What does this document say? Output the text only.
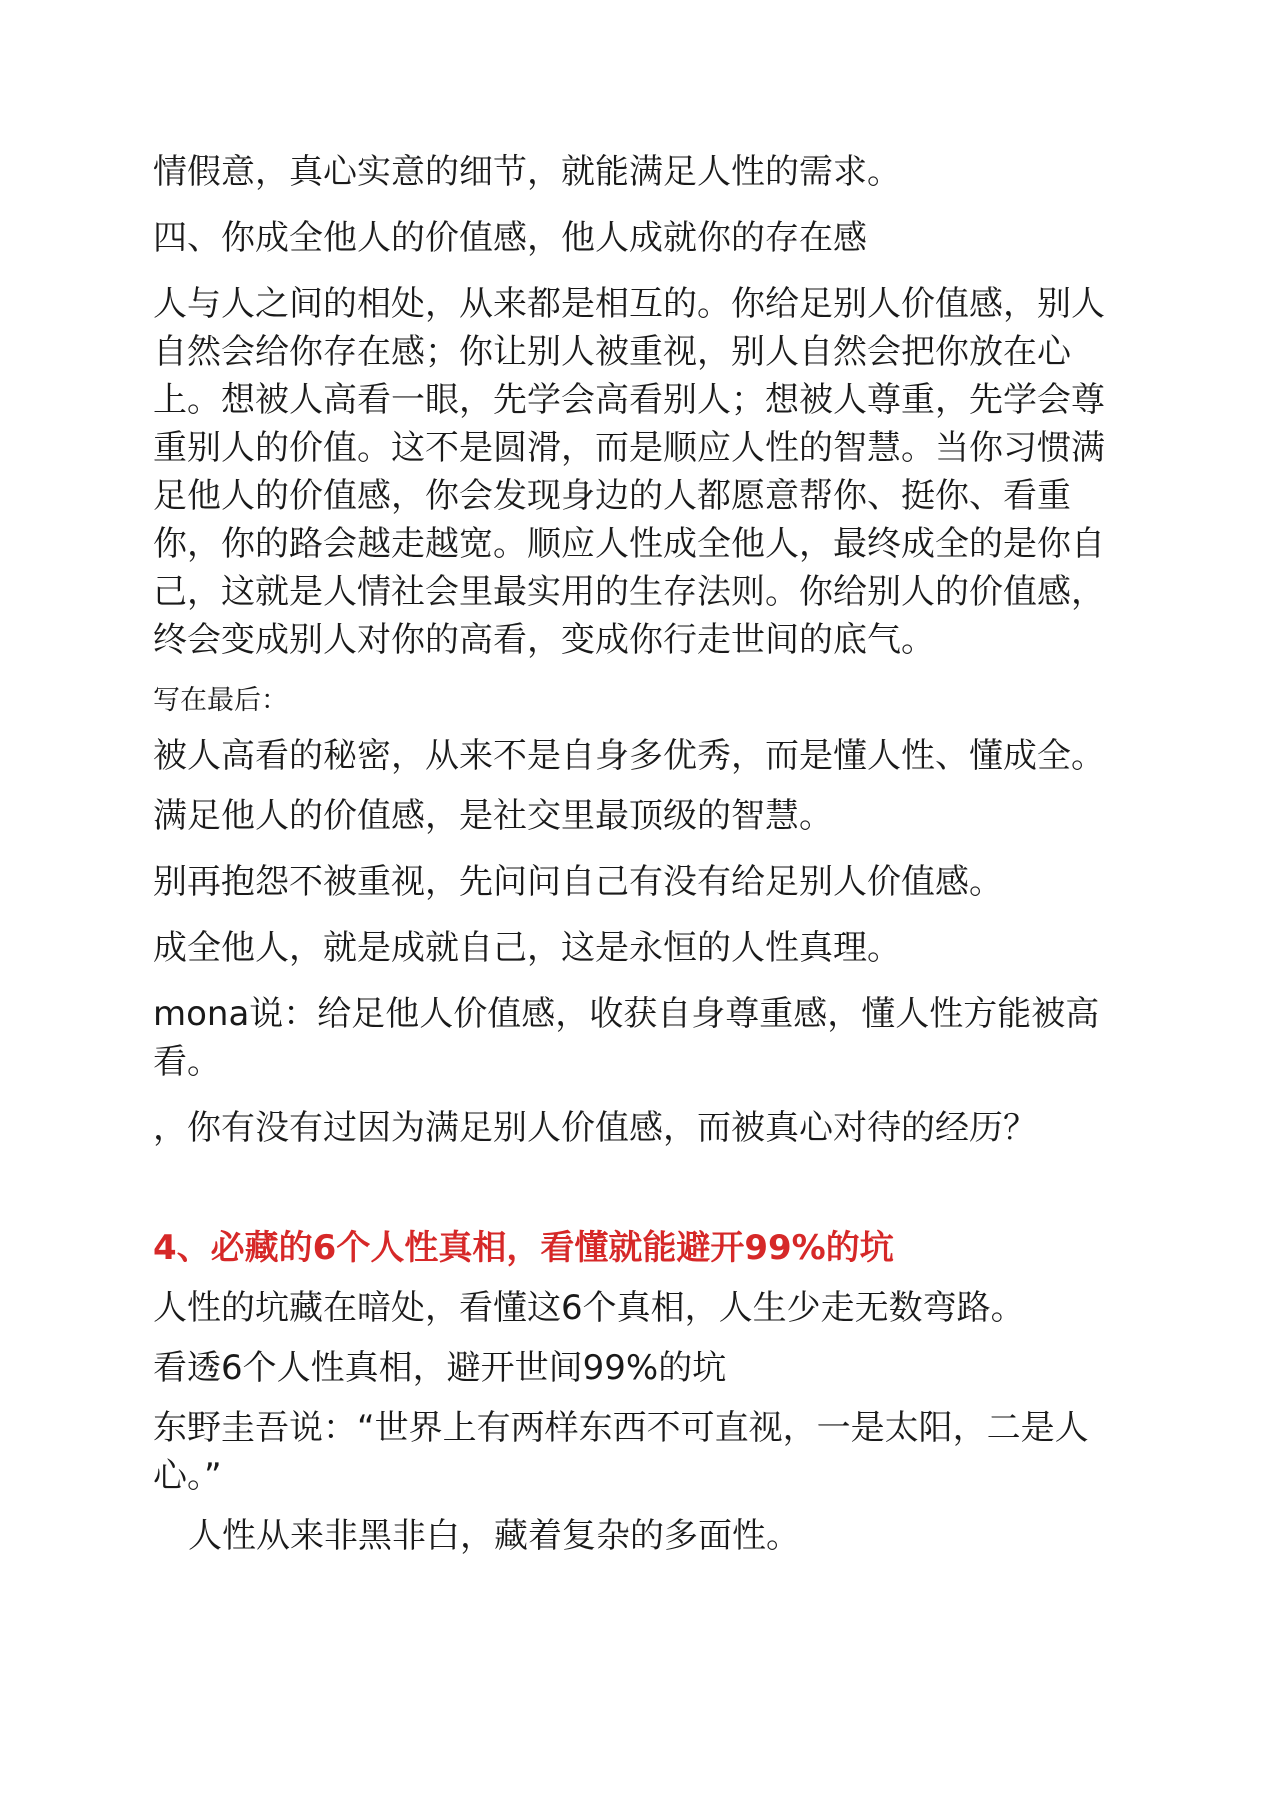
情假意，真心实意的细节，就能满足人性的需求。

四、你成全他人的价值感，他人成就你的存在感

人与人之间的相处，从来都是相互的。你给足别人价值感，别人自然会给你存在感；你让别人被重视，别人自然会把你放在心上。想被人高看一眼，先学会高看别人；想被人尊重，先学会尊重别人的价值。这不是圆滑，而是顺应人性的智慧。当你习惯满足他人的价值感，你会发现身边的人都愿意帮你、挺你、看重你，你的路会越走越宽。顺应人性成全他人，最终成全的是你自己，这就是人情社会里最实用的生存法则。你给别人的价值感，终会变成别人对你的高看，变成你行走世间的底气。

写在最后：

被人高看的秘密，从来不是自身多优秀，而是懂人性、懂成全。

满足他人的价值感，是社交里最顶级的智慧。

别再抱怨不被重视，先问问自己有没有给足别人价值感。

成全他人，就是成就自己，这是永恒的人性真理。

mona说：给足他人价值感，收获自身尊重感，懂人性方能被高看。

，你有没有过因为满足别人价值感，而被真心对待的经历？

4、必藏的6个人性真相，看懂就能避开99%的坑

人性的坑藏在暗处，看懂这6个真相，人生少走无数弯路。

看透6个人性真相，避开世间99%的坑

东野圭吾说：“世界上有两样东西不可直视，一是太阳，二是人心。”

人性从来非黑非白，藏着复杂的多面性。
